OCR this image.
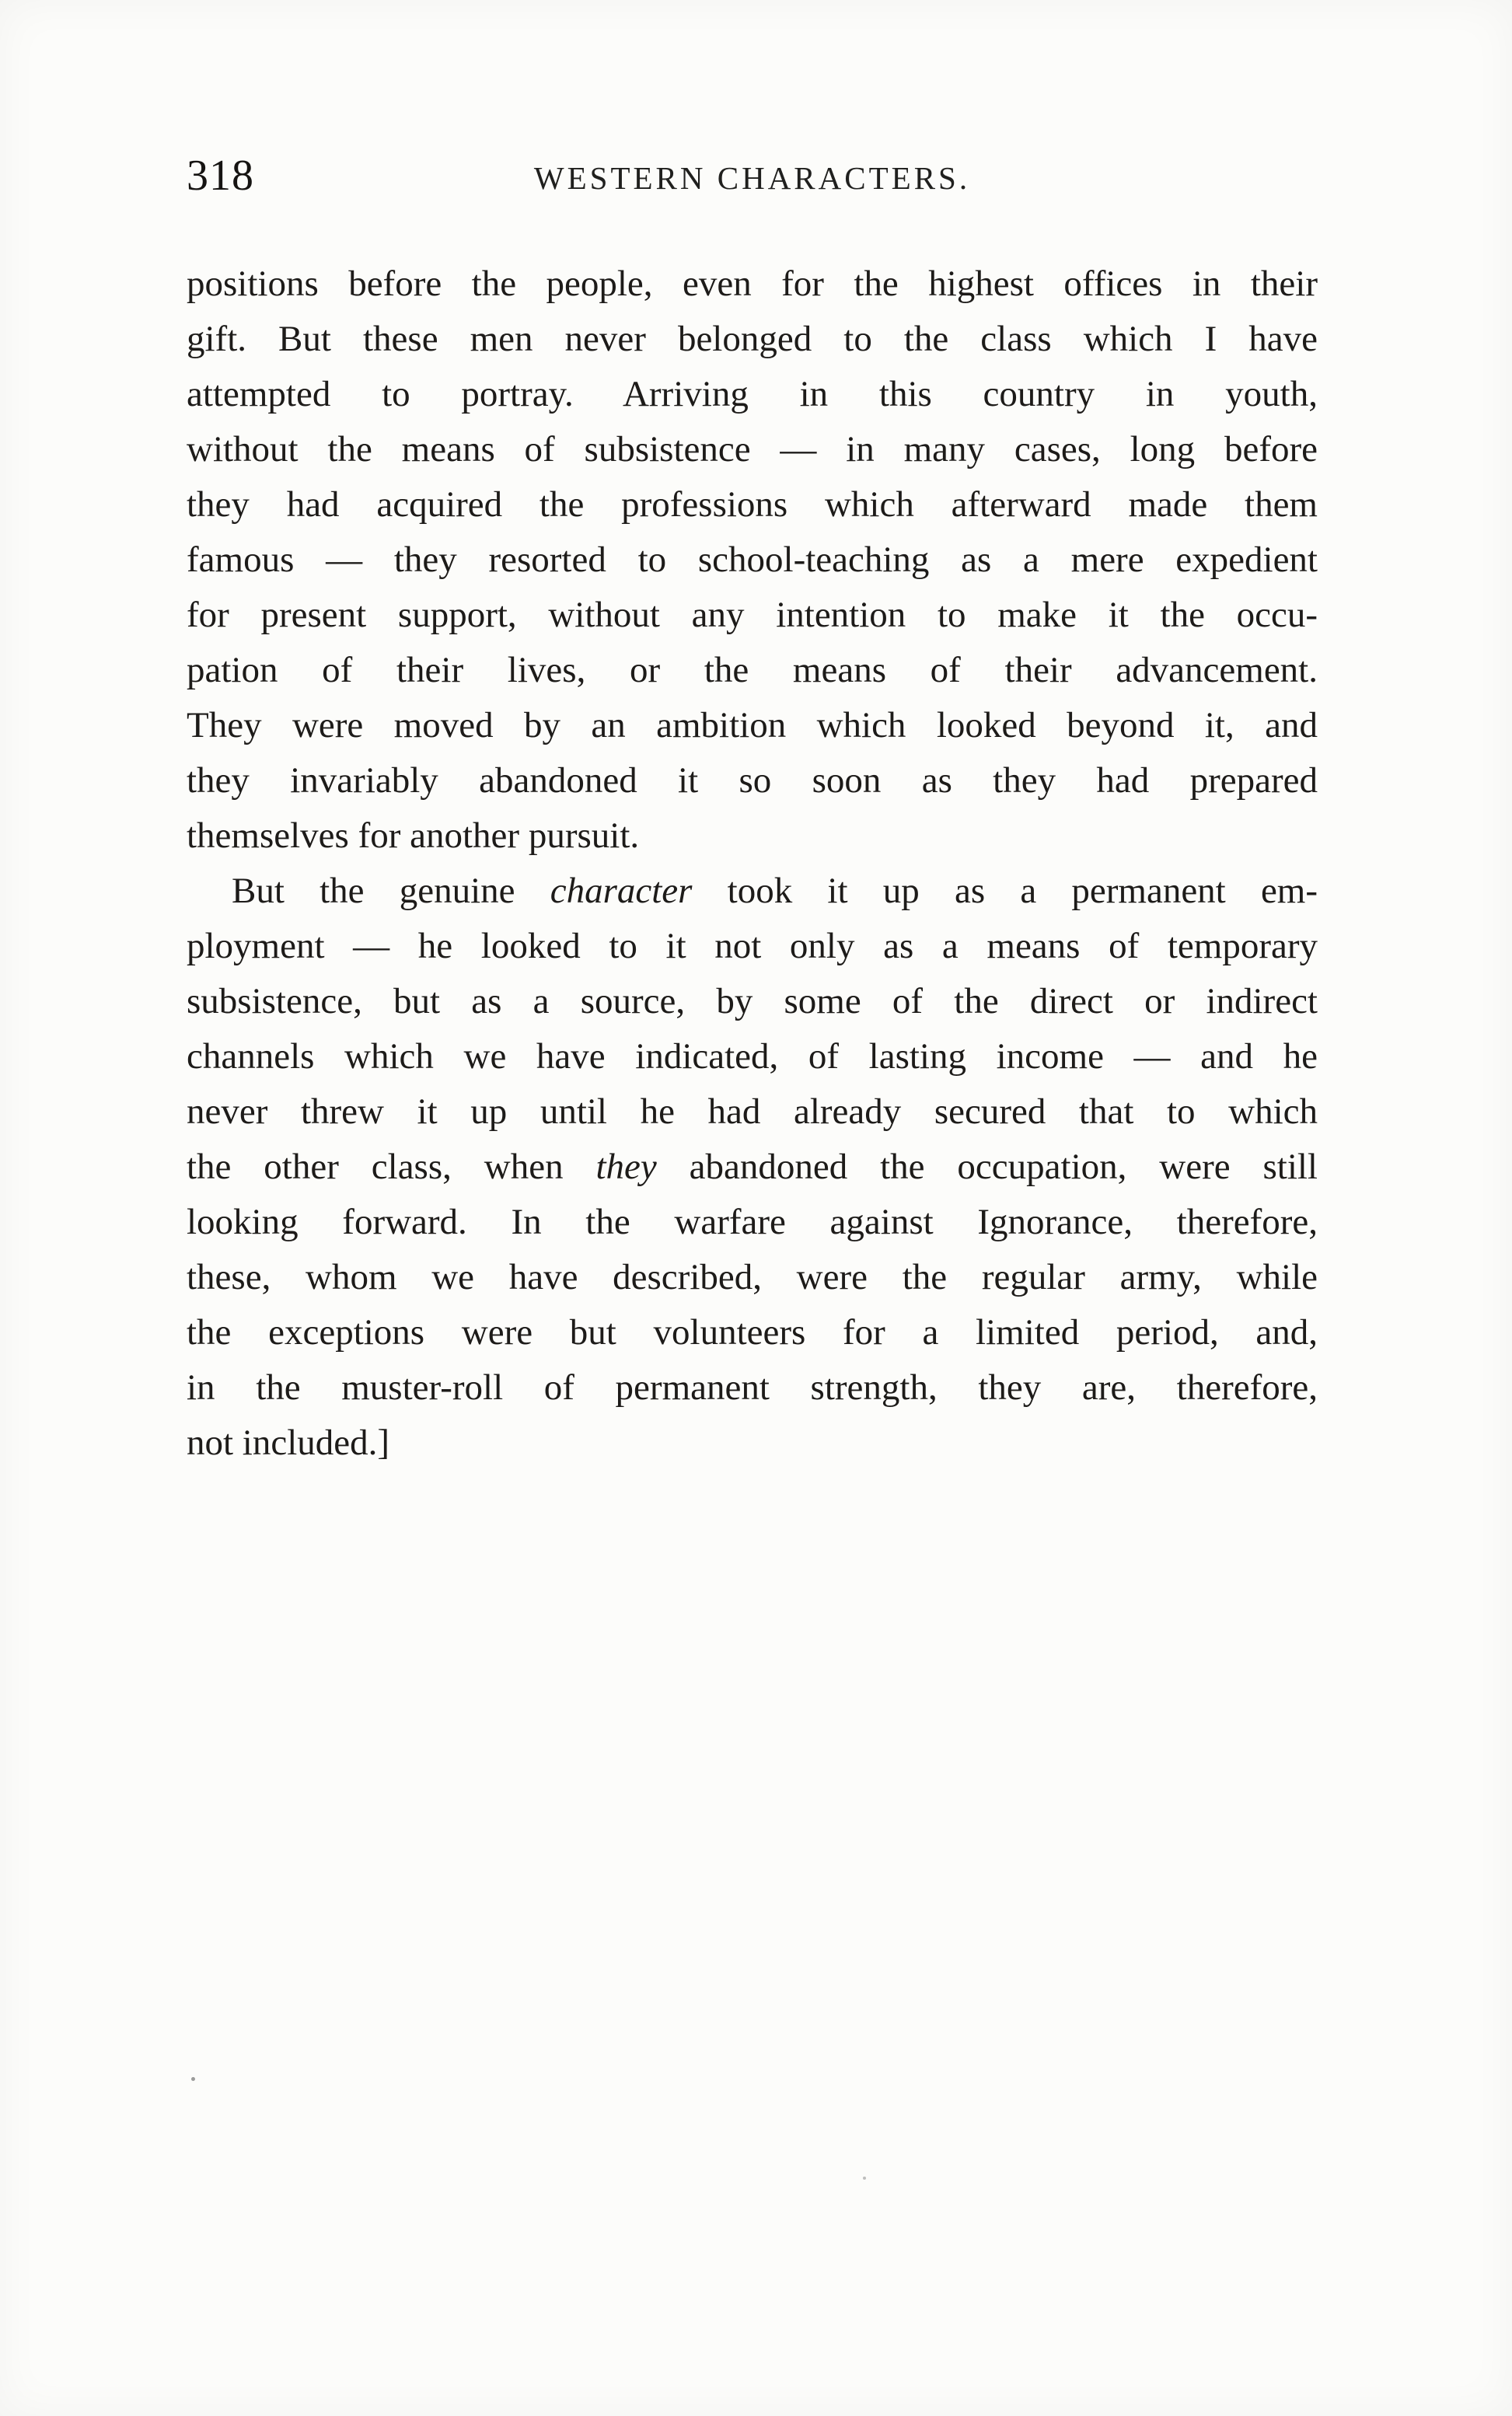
318	WESTERN CHARACTERS.
positions before the people, even for the highest offices in their
gift. But these men never belonged to the class which I have
attempted to portray. Arriving in this country in youth,
without the means of subsistence — in many cases, long before
they had acquired the professions which afterward made them
famous — they resorted to school-teaching as a mere expedient
for present support, without any intention to make it the occu-
pation of their lives, or the means of their advancement.
They were moved by an ambition which looked beyond it, and
they invariably abandoned it so soon as they had prepared
themselves for another pursuit.
But the genuine character took it up as a permanent em-
ployment — he looked to it not only as a means of temporary
subsistence, but as a source, by some of the direct or indirect
channels which we have indicated, of lasting income — and he
never threw it up until he had already secured that to which
the other class, when they abandoned the occupation, were still
looking forward. In the warfare against Ignorance, therefore,
these, whom we have described, were the regular army, while
the exceptions were but volunteers for a limited period, and,
in the muster-roll of permanent strength, they are, therefore,
not included.]
